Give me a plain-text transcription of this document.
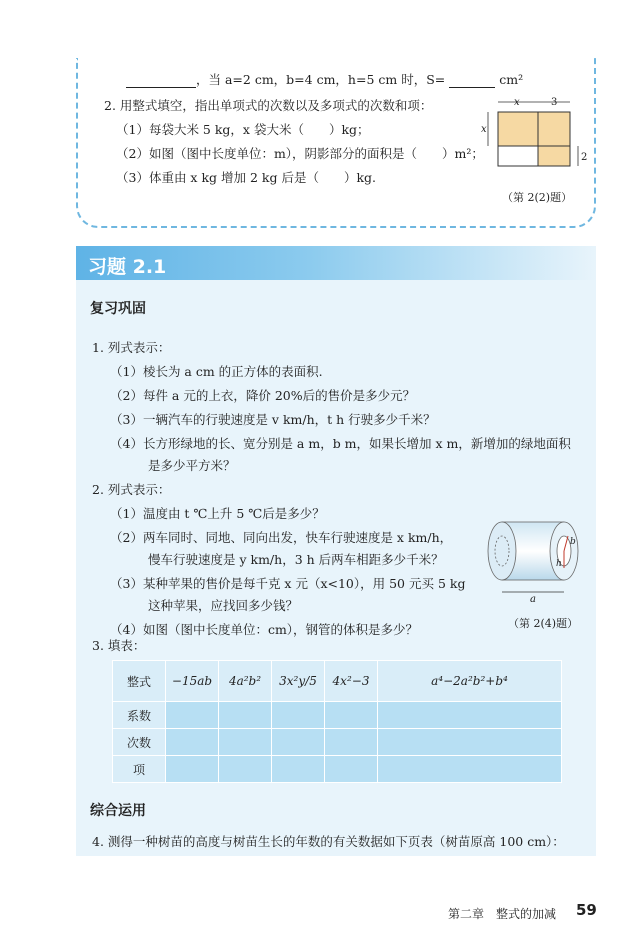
，当 a=2 cm，b=4 cm，h=5 cm 时，S=	cm²
2. 用整式填空，指出单项式的次数以及多项式的次数和项：
（1）每袋大米 5 kg，x 袋大米（　　）kg；
（2）如图（图中长度单位：m），阴影部分的面积是（　　）m²；
（3）体重由 x kg 增加 2 kg 后是（　　）kg.
x	3
x
2
（第 2(2)题）
习题 2.1
复习巩固
1. 列式表示：
（1）棱长为 a cm 的正方体的表面积.
（2）每件 a 元的上衣，降价 20%后的售价是多少元？
（3）一辆汽车的行驶速度是 v km/h，t h 行驶多少千米？
（4）长方形绿地的长、宽分别是 a m，b m，如果长增加 x m，新增加的绿地面积
是多少平方米？
2. 列式表示：
（1）温度由 t ℃上升 5 ℃后是多少？
（2）两车同时、同地、同向出发，快车行驶速度是 x km/h，
慢车行驶速度是 y km/h，3 h 后两车相距多少千米？
（3）某种苹果的售价是每千克 x 元（x<10），用 50 元买 5 kg
这种苹果，应找回多少钱？
（4）如图（图中长度单位：cm），钢管的体积是多少？
b
h
a
（第 2(4)题）
3. 填表：
整式	−15ab	4a²b²	3x²y/5	4x²−3	a⁴−2a²b²+b⁴
系数					
次数					
项					
综合运用
4. 测得一种树苗的高度与树苗生长的年数的有关数据如下页表（树苗原高 100 cm）：
第二章　整式的加减 59
